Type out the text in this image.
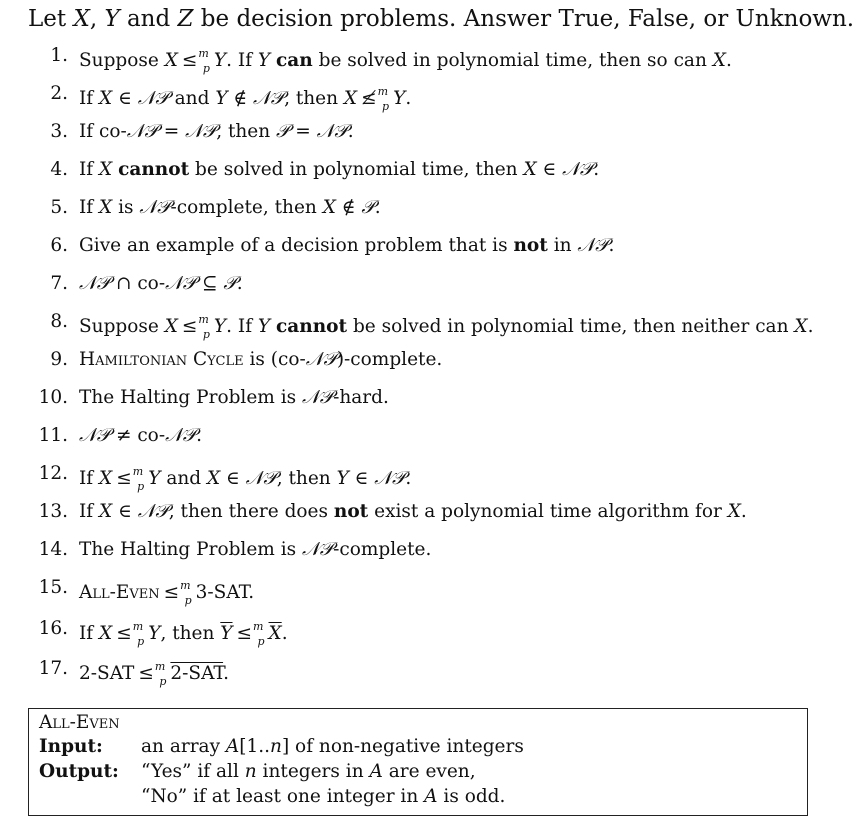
Let X, Y and Z be decision problems. Answer True, False, or Unknown.
1. Suppose X ≤$^m_p$ Y. If Y can be solved in polynomial time, then so can X.
2. If X ∈ 𝒩𝒫 and Y ∉ 𝒩𝒫, then X ≰$^m_p$ Y.
3. If co-𝒩𝒫 = 𝒩𝒫, then 𝒫 = 𝒩𝒫.
4. If X cannot be solved in polynomial time, then X ∈ 𝒩𝒫.
5. If X is 𝒩𝒫-complete, then X ∉ 𝒫.
6. Give an example of a decision problem that is not in 𝒩𝒫.
7. 𝒩𝒫 ∩ co-𝒩𝒫 ⊆ 𝒫.
8. Suppose X ≤$^m_p$ Y. If Y cannot be solved in polynomial time, then neither can X.
9. Hamiltonian Cycle is (co-𝒩𝒫)-complete.
10. The Halting Problem is 𝒩𝒫-hard.
11. 𝒩𝒫 ≠ co-𝒩𝒫.
12. If X ≤$^m_p$ Y and X ∈ 𝒩𝒫, then Y ∈ 𝒩𝒫.
13. If X ∈ 𝒩𝒫, then there does not exist a polynomial time algorithm for X.
14. The Halting Problem is 𝒩𝒫-complete.
15. All-Even ≤$^m_p$ 3-SAT.
16. If X ≤$^m_p$ Y, then $\overline{Y} \le^m_p$ $\overline{X}$.
17. 2-SAT ≤$^m_p$ 2-SAT.
All-Even
Input:	an array A[1..n] of non-negative integers
Output:	“Yes” if all n integers in A are even,
“No” if at least one integer in A is odd.
